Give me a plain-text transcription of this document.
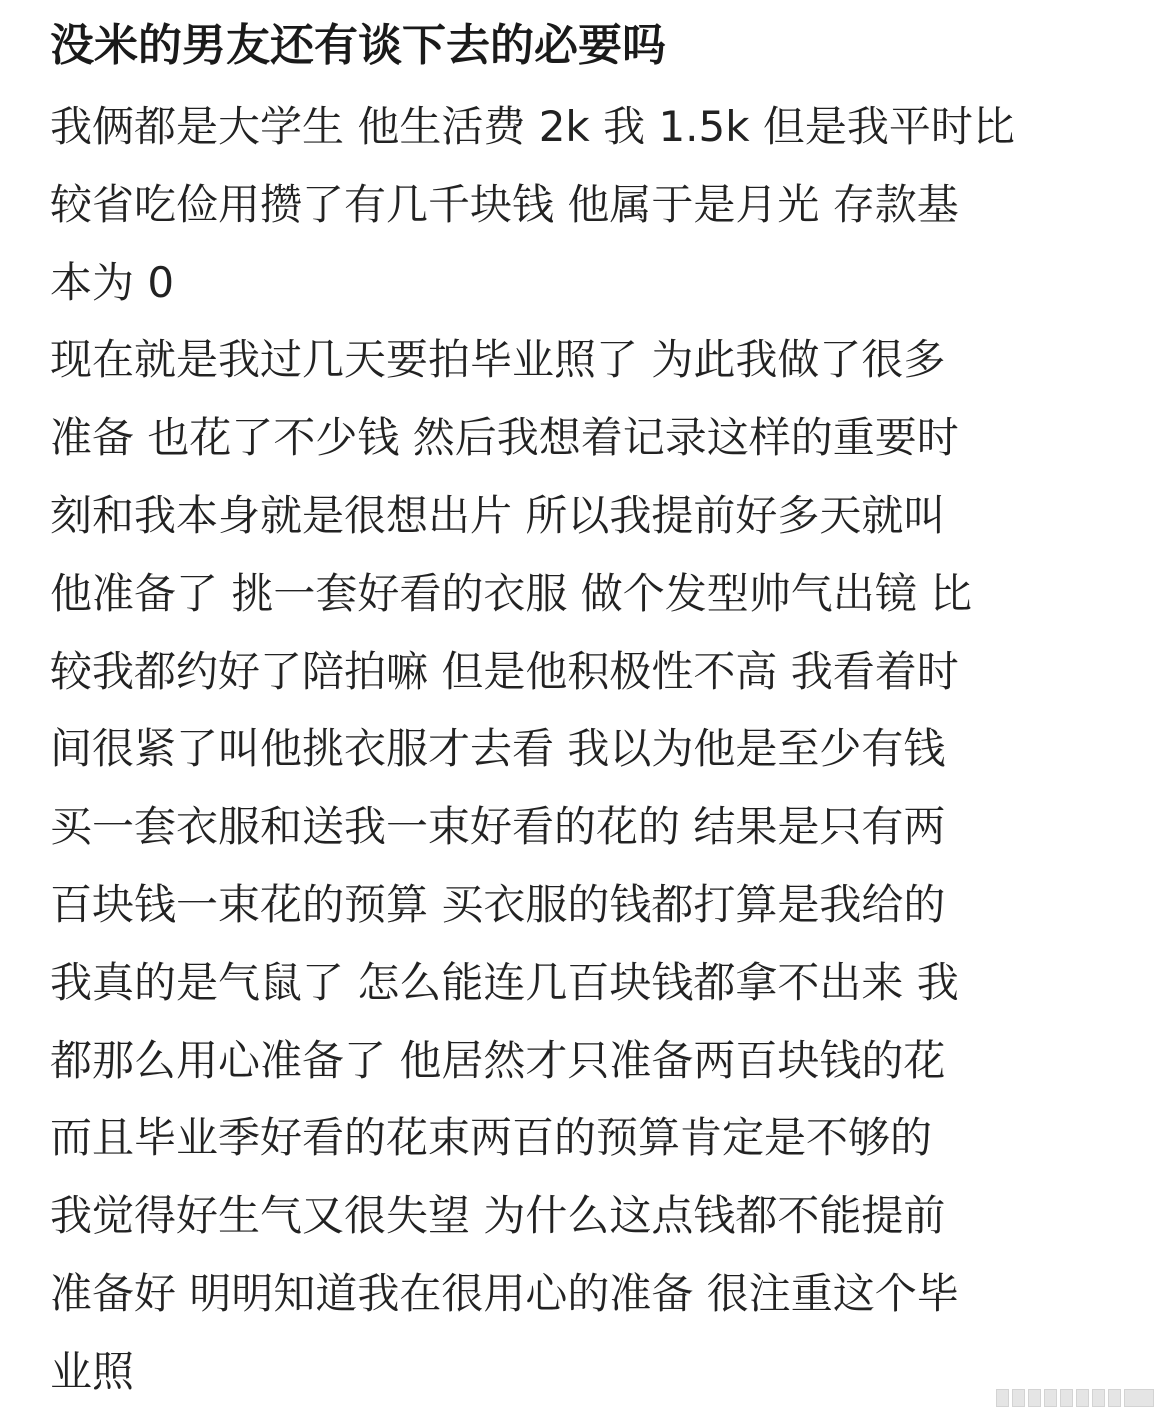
没米的男友还有谈下去的必要吗
我俩都是大学生 他生活费 2k 我 1.5k 但是我平时比
较省吃俭用攒了有几千块钱 他属于是月光 存款基
本为 0
现在就是我过几天要拍毕业照了 为此我做了很多
准备 也花了不少钱 然后我想着记录这样的重要时
刻和我本身就是很想出片 所以我提前好多天就叫
他准备了 挑一套好看的衣服 做个发型帅气出镜 比
较我都约好了陪拍嘛 但是他积极性不高 我看着时
间很紧了叫他挑衣服才去看 我以为他是至少有钱
买一套衣服和送我一束好看的花的 结果是只有两
百块钱一束花的预算 买衣服的钱都打算是我给的
我真的是气鼠了 怎么能连几百块钱都拿不出来 我
都那么用心准备了 他居然才只准备两百块钱的花
而且毕业季好看的花束两百的预算肯定是不够的
我觉得好生气又很失望 为什么这点钱都不能提前
准备好 明明知道我在很用心的准备 很注重这个毕
业照
